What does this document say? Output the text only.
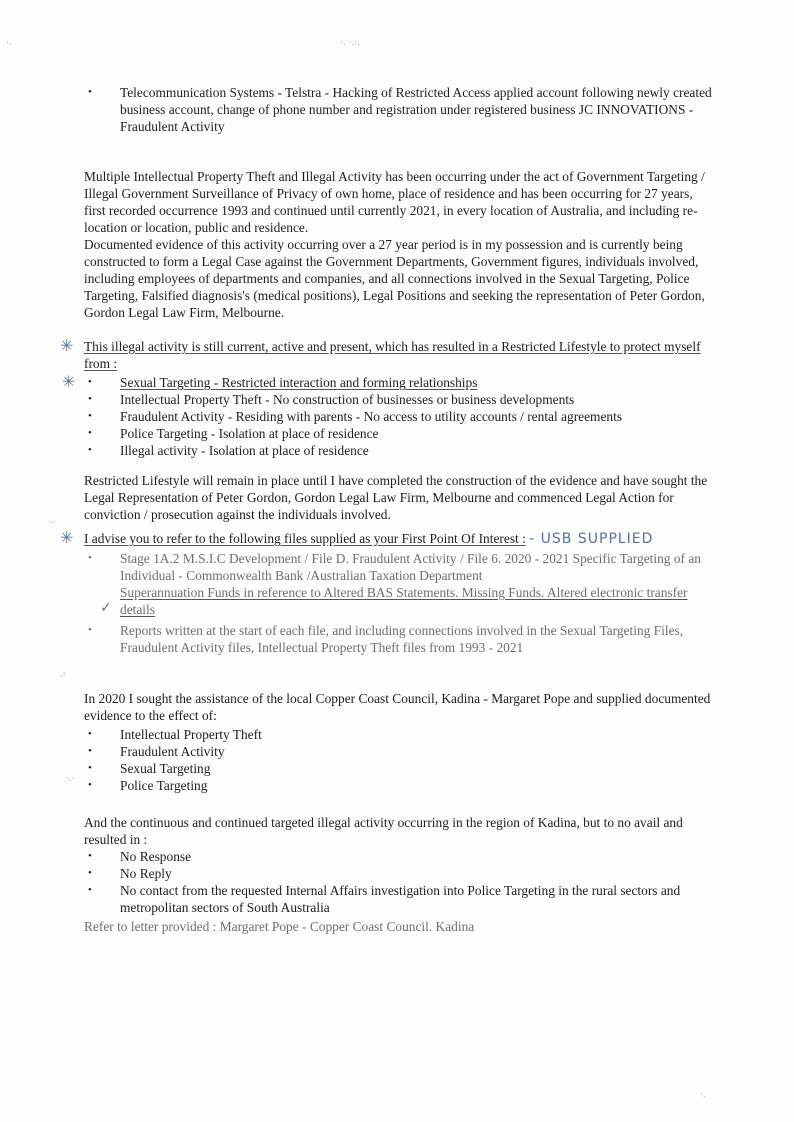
·.	·. ·.·.
• Telecommunication Systems - Telstra - Hacking of Restricted Access applied account following newly created business account, change of phone number and registration under registered business JC INNOVATIONS - Fraudulent Activity

Multiple Intellectual Property Theft and Illegal Activity has been occurring under the act of Government Targeting / Illegal Government Surveillance of Privacy of own home, place of residence and has been occurring for 27 years, first recorded occurrence 1993 and continued until currently 2021, in every location of Australia, and including re-location or location, public and residence.

Documented evidence of this activity occurring over a 27 year period is in my possession and is currently being constructed to form a Legal Case against the Government Departments, Government figures, individuals involved, including employees of departments and companies, and all connections involved in the Sexual Targeting, Police Targeting, Falsified diagnosis's (medical positions), Legal Positions and seeking the representation of Peter Gordon, Gordon Legal Law Firm, Melbourne.

✳ This illegal activity is still current, active and present, which has resulted in a Restricted Lifestyle to protect myself from :

• Sexual Targeting - Restricted interaction and forming relationships
• Intellectual Property Theft - No construction of businesses or business developments
• Fraudulent Activity - Residing with parents - No access to utility accounts / rental agreements
• Police Targeting - Isolation at place of residence
• Illegal activity - Isolation at place of residence
✳

Restricted Lifestyle will remain in place until I have completed the construction of the evidence and have sought the Legal Representation of Peter Gordon, Gordon Legal Law Firm, Melbourne and commenced Legal Action for conviction / prosecution against the individuals involved.

✳ I advise you to refer to the following files supplied as your First Point Of Interest : - USB SUPPLIED

• Stage 1A.2 M.S.I.C Development / File D. Fraudulent Activity / File 6. 2020 - 2021 Specific Targeting of an Individual - Commonwealth Bank /Australian Taxation Department
Superannuation Funds in reference to Altered BAS Statements. Missing Funds. Altered electronic transfer details
• Reports written at the start of each file, and including connections involved in the Sexual Targeting Files, Fraudulent Activity files, Intellectual Property Theft files from 1993 - 2021
✓

In 2020 I sought the assistance of the local Copper Coast Council, Kadina - Margaret Pope and supplied documented evidence to the effect of:

• Intellectual Property Theft
• Fraudulent Activity
• Sexual Targeting
• Police Targeting

And the continuous and continued targeted illegal activity occurring in the region of Kadina, but to no avail and resulted in :

• No Response
• No Reply
• No contact from the requested Internal Affairs investigation into Police Targeting in the rural sectors and metropolitan sectors of South Australia

Refer to letter provided : Margaret Pope - Copper Coast Council. Kadina

·.·
··
·'
·.
